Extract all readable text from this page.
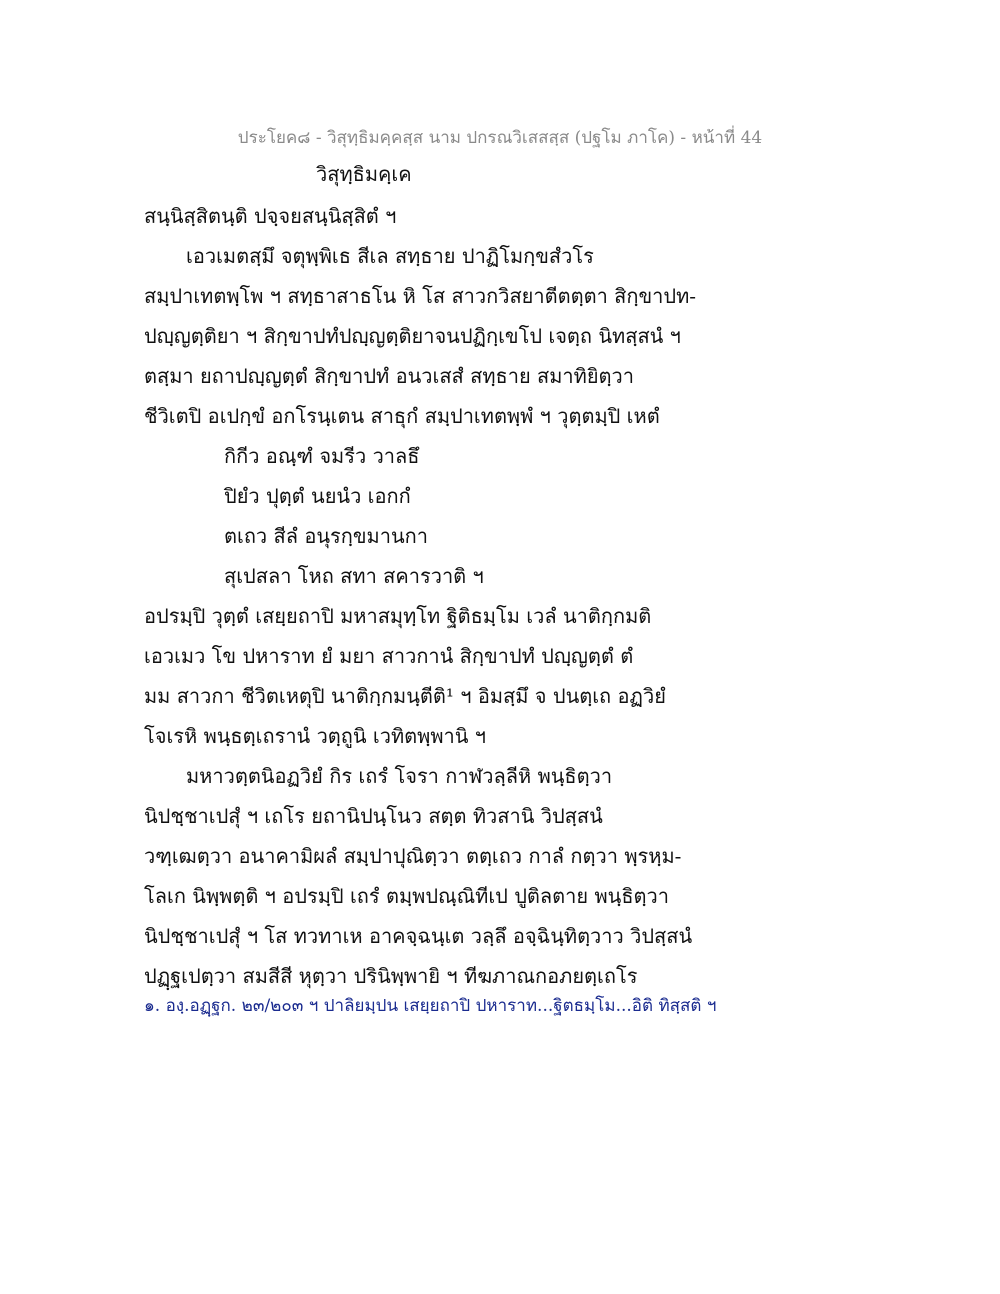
ประโยค๘ - วิสุทฺธิมคฺคสฺส นาม ปกรณวิเสสสฺส (ปฐโม ภาโค) - หน้าที่ 44
วิสุทฺธิมคฺเค
สนฺนิสฺสิตนฺติ ปจฺจยสนฺนิสฺสิตํ ฯ
เอวเมตสฺมึ จตุพฺพิเธ สีเล สทฺธาย ปาฏิโมกฺขสํวโร
สมฺปาเทตพฺโพ ฯ สทฺธาสาธโน หิ โส สาวกวิสยาตีตตฺตา สิกฺขาปท-
ปญฺญตฺติยา ฯ สิกฺขาปทํปญฺญตฺติยาจนปฏิกฺเขโป เจตฺถ นิทสฺสนํ ฯ
ตสฺมา ยถาปญฺญตฺตํ สิกฺขาปทํ อนวเสสํ สทฺธาย สมาทิยิตฺวา
ชีวิเตปิ อเปกฺขํ อกโรนฺเตน สาธุกํ สมฺปาเทตพฺพํ ฯ วุตฺตมฺปิ เหตํ
กิกีว อณฺฑํ จมรีว วาลธึ
ปิยํว ปุตฺตํ นยนํว เอกกํ
ตเถว สีลํ อนุรกฺขมานกา
สุเปสลา โหถ สทา สคารวาติ ฯ
อปรมฺปิ วุตฺตํ เสยฺยถาปิ มหาสมุทฺโท ฐิติธมฺโม เวลํ นาติกฺกมติ
เอวเมว โข ปหาราท ยํ มยา สาวกานํ สิกฺขาปทํ ปญฺญตฺตํ ตํ
มม สาวกา ชีวิตเหตุปิ นาติกฺกมนฺตีติ¹ ฯ อิมสฺมึ จ ปนตฺเถ อฏวิยํ
โจเรหิ พนฺธตฺเถรานํ วตฺถูนิ เวทิตพฺพานิ ฯ
มหาวตฺตนิอฏวิยํ กิร เถรํ โจรา กาฬวลฺลีหิ พนฺธิตฺวา
นิปชฺชาเปสุํ ฯ เถโร ยถานิปนฺโนว สตฺต ทิวสานิ วิปสฺสนํ
วฑฺเฒตฺวา อนาคามิผลํ สมฺปาปุณิตฺวา ตตฺเถว กาลํ กตฺวา พฺรหฺม-
โลเก นิพฺพตฺติ ฯ อปรมฺปิ เถรํ ตมฺพปณฺณิทีเป ปูติลตาย พนฺธิตฺวา
นิปชฺชาเปสุํ ฯ โส ทวทาเห อาคจฺฉนฺเต วลฺลึ อจฺฉินฺทิตฺวาว วิปสฺสนํ
ปฏฺฐเปตฺวา สมสีสี หุตฺวา ปรินิพฺพายิ ฯ ทีฆภาณกอภยตฺเถโร
๑. องฺ.อฏฺฐก. ๒๓/๒๐๓ ฯ ปาลิยมฺปน เสยฺยถาปิ ปหาราท...ฐิตธมฺโม...อิติ ทิสฺสติ ฯ
